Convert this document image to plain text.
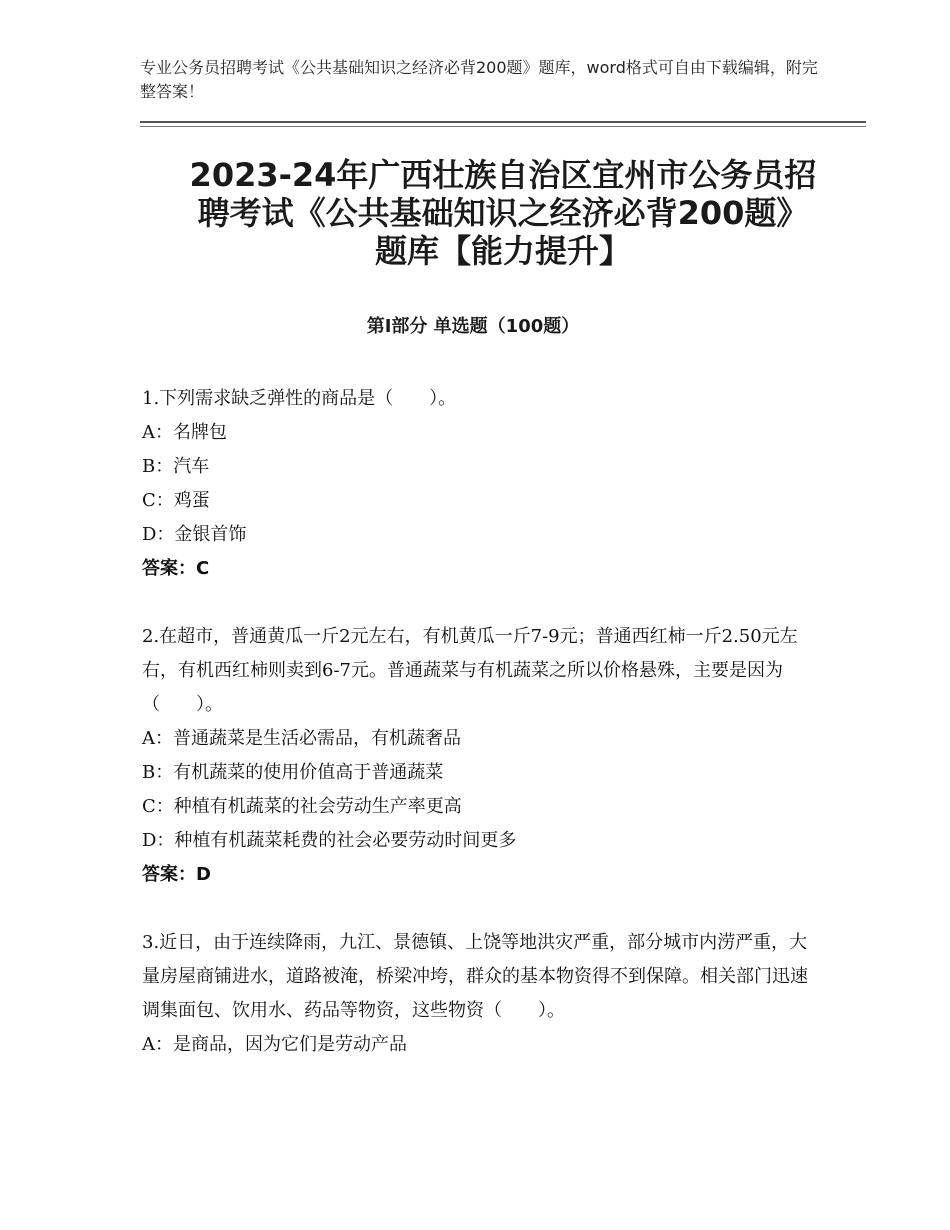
专业公务员招聘考试《公共基础知识之经济必背200题》题库，word格式可自由下载编辑，附完整答案！
2023-24年广西壮族自治区宜州市公务员招
聘考试《公共基础知识之经济必背200题》
题库【能力提升】
第Ⅰ部分 单选题（100题）

1.下列需求缺乏弹性的商品是（　　）。

A：名牌包

B：汽车

C：鸡蛋

D：金银首饰

答案：C

2.在超市，普通黄瓜一斤2元左右，有机黄瓜一斤7-9元；普通西红柿一斤2.50元左右，有机西红柿则卖到6-7元。普通蔬菜与有机蔬菜之所以价格悬殊，主要是因为（　　）。

A：普通蔬菜是生活必需品，有机蔬奢品

B：有机蔬菜的使用价值高于普通蔬菜

C：种植有机蔬菜的社会劳动生产率更高

D：种植有机蔬菜耗费的社会必要劳动时间更多

答案：D

3.近日，由于连续降雨，九江、景德镇、上饶等地洪灾严重，部分城市内涝严重，大量房屋商铺进水，道路被淹，桥梁冲垮，群众的基本物资得不到保障。相关部门迅速调集面包、饮用水、药品等物资，这些物资（　　）。

A：是商品，因为它们是劳动产品
